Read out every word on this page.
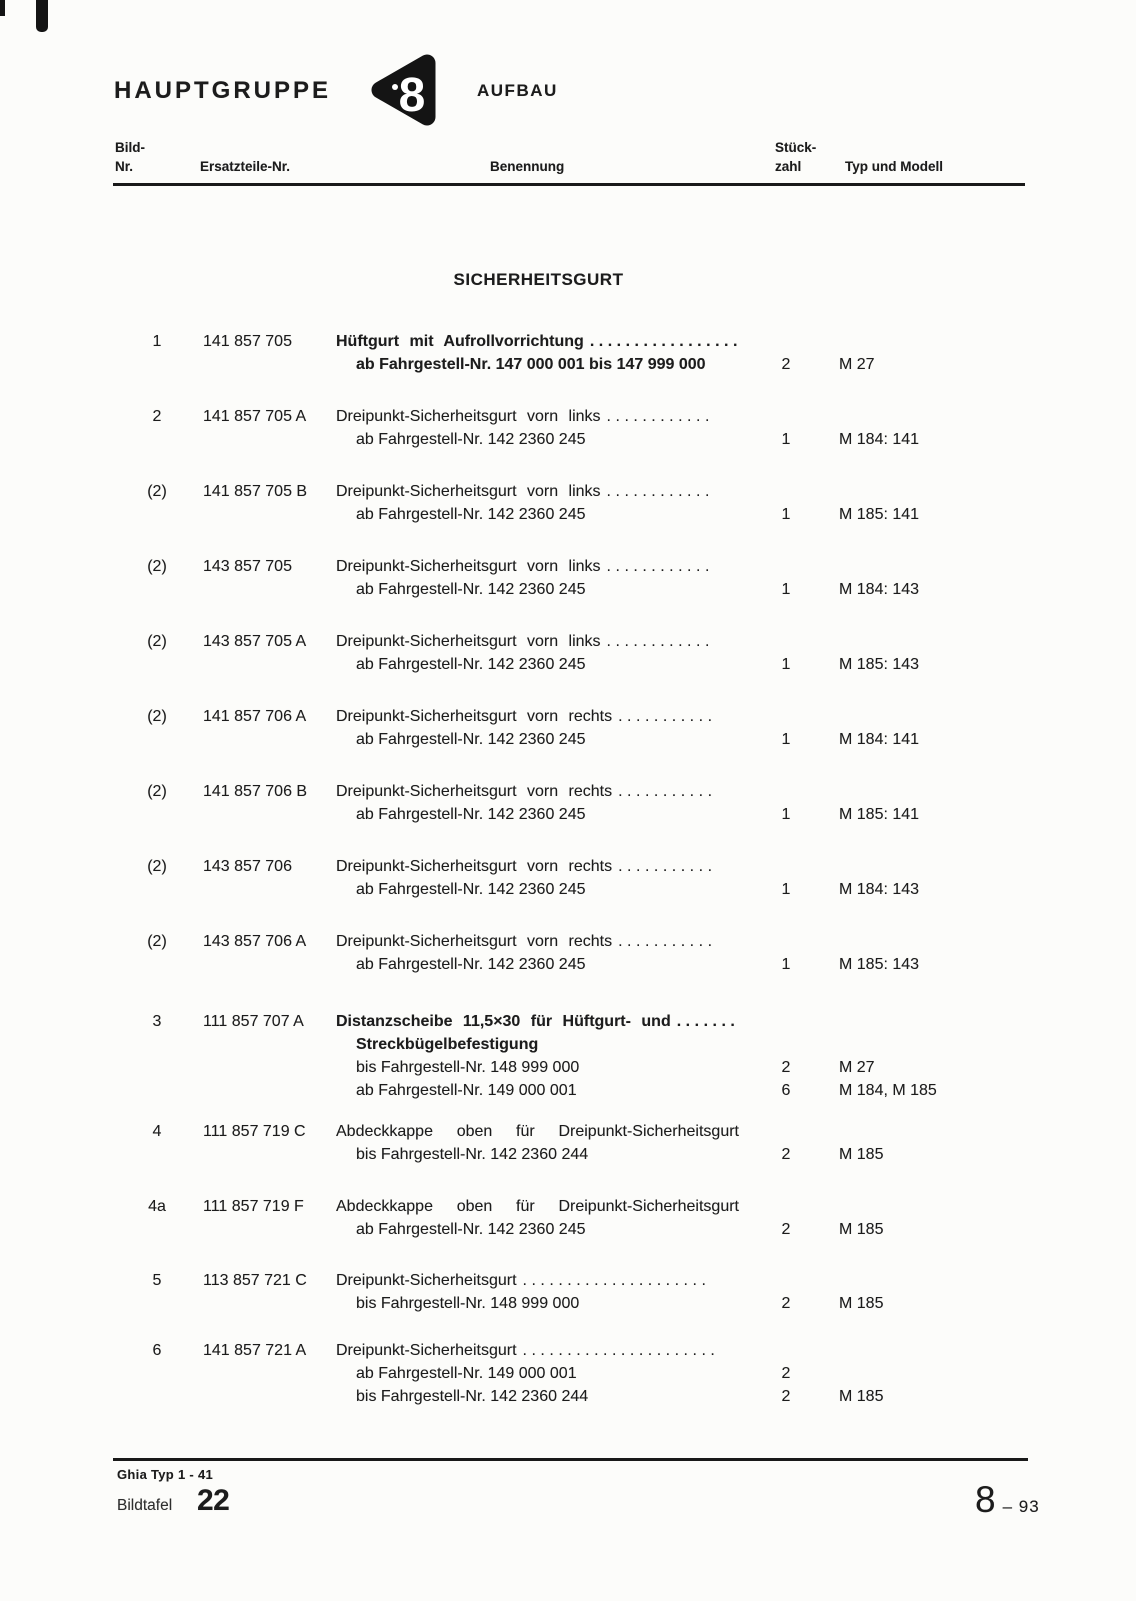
HAUPTGRUPPE 8	AUFBAU
Bild-
Nr.	Ersatzteile-Nr.	Benennung
Stück-
zahl	Typ und Modell
SICHERHEITSGURT
1	141 857 705	Hüftgurt mit Aufrollvorrichtung .................
ab Fahrgestell-Nr. 147 000 001 bis 147 999 000	2	M 27
2	141 857 705 A	Dreipunkt-Sicherheitsgurt vorn links ............
ab Fahrgestell-Nr. 142 2360 245	1	M 184: 141
(2)	141 857 705 B	Dreipunkt-Sicherheitsgurt vorn links ............
ab Fahrgestell-Nr. 142 2360 245	1	M 185: 141
(2)	143 857 705	Dreipunkt-Sicherheitsgurt vorn links ............
ab Fahrgestell-Nr. 142 2360 245	1	M 184: 143
(2)	143 857 705 A	Dreipunkt-Sicherheitsgurt vorn links ............
ab Fahrgestell-Nr. 142 2360 245	1	M 185: 143
(2)	141 857 706 A	Dreipunkt-Sicherheitsgurt vorn rechts ...........
ab Fahrgestell-Nr. 142 2360 245	1	M 184: 141
(2)	141 857 706 B	Dreipunkt-Sicherheitsgurt vorn rechts ...........
ab Fahrgestell-Nr. 142 2360 245	1	M 185: 141
(2)	143 857 706	Dreipunkt-Sicherheitsgurt vorn rechts ...........
ab Fahrgestell-Nr. 142 2360 245	1	M 184: 143
(2)	143 857 706 A	Dreipunkt-Sicherheitsgurt vorn rechts ...........
ab Fahrgestell-Nr. 142 2360 245	1	M 185: 143
3	111 857 707 A	Distanzscheibe 11,5×30 für Hüftgurt- und .......
Streckbügelbefestigung
bis Fahrgestell-Nr. 148 999 000	2	M 27
ab Fahrgestell-Nr. 149 000 001	6	M 184, M 185
4	111 857 719 C	Abdeckkappe oben für Dreipunkt-Sicherheitsgurt
bis Fahrgestell-Nr. 142 2360 244	2	M 185
4a	111 857 719 F	Abdeckkappe oben für Dreipunkt-Sicherheitsgurt
ab Fahrgestell-Nr. 142 2360 245	2	M 185
5	113 857 721 C	Dreipunkt-Sicherheitsgurt .....................
bis Fahrgestell-Nr. 148 999 000	2	M 185
6	141 857 721 A	Dreipunkt-Sicherheitsgurt ......................
ab Fahrgestell-Nr. 149 000 001	2
bis Fahrgestell-Nr. 142 2360 244	2	M 185
Ghia Typ 1 - 41
Bildtafel 22	8 – 93
